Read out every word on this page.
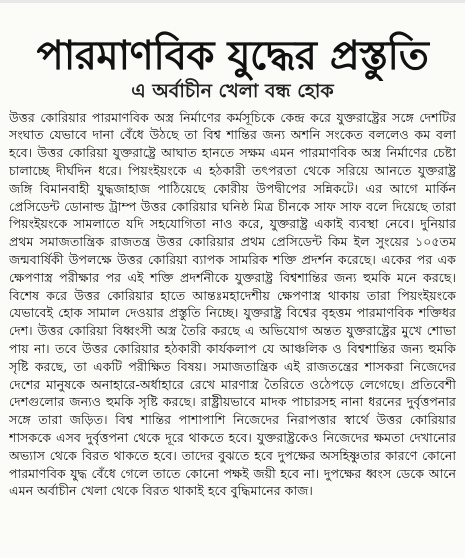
পারমাণবিক যুদ্ধের প্রস্তুতি
এ অর্বাচীন খেলা বন্ধ হোক

উত্তর কোরিয়ার পারমাণবিক অস্ত্র নির্মাণের কর্মসূচিকে কেন্দ্র করে যুক্তরাষ্ট্রের সঙ্গে দেশটির সংঘাত যেভাবে দানা বেঁধে উঠছে তা বিশ্ব শান্তির জন্য অশনি সংকেত বললেও কম বলা হবে। উত্তর কোরিয়া যুক্তরাষ্ট্রে আঘাত হানতে সক্ষম এমন পারমাণবিক অস্ত্র নির্মাণের চেষ্টা চালাচ্ছে দীর্ঘদিন ধরে। পিয়ংইয়ংকে এ হঠকারী তৎপরতা থেকে সরিয়ে আনতে যুক্তরাষ্ট্র জঙ্গি বিমানবাহী যুদ্ধজাহাজ পাঠিয়েছে কোরীয় উপদ্বীপের সন্নিকটে। এর আগে মার্কিন প্রেসিডেন্ট ডোনাল্ড ট্রাম্প উত্তর কোরিয়ার ঘনিষ্ঠ মিত্র চীনকে সাফ সাফ বলে দিয়েছে তারা পিয়ংইয়ংকে সামলাতে যদি সহযোগিতা নাও করে, যুক্তরাষ্ট্র একাই ব্যবস্থা নেবে। দুনিয়ার প্রথম সমাজতান্ত্রিক রাজতন্ত্র উত্তর কোরিয়ার প্রথম প্রেসিডেন্ট কিম ইল সুংয়ের ১০৫তম জন্মবার্ষিকী উপলক্ষে উত্তর কোরিয়া ব্যাপক সামরিক শক্তি প্রদর্শন করেছে। একের পর এক ক্ষেপণাস্ত্র পরীক্ষার পর এই শক্তি প্রদর্শনীকে যুক্তরাষ্ট্র বিশ্বশান্তির জন্য হুমকি মনে করছে। বিশেষ করে উত্তর কোরিয়ার হাতে আন্তঃমহাদেশীয় ক্ষেপণাস্ত্র থাকায় তারা পিয়ংইয়ংকে যেভাবেই হোক সামাল দেওয়ার প্রস্তুতি নিচ্ছে। যুক্তরাষ্ট্র বিশ্বের বৃহত্তম পারমাণবিক শক্তিধর দেশ। উত্তর কোরিয়া বিধ্বংসী অস্ত্র তৈরি করছে এ অভিযোগ অন্তত যুক্তরাষ্ট্রের মুখে শোভা পায় না। তবে উত্তর কোরিয়ার হঠকারী কার্যকলাপ যে আঞ্চলিক ও বিশ্বশান্তির জন্য হুমকি সৃষ্টি করছে, তা একটি পরীক্ষিত বিষয়। সমাজতান্ত্রিক এই রাজতন্ত্রের শাসকরা নিজেদের দেশের মানুষকে অনাহারে-অর্ধাহারে রেখে মারণাস্ত্র তৈরিতে ওঠেপড়ে লেগেছে। প্রতিবেশী দেশগুলোর জন্যও হুমকি সৃষ্টি করছে। রাষ্ট্রীয়ভাবে মাদক পাচারসহ নানা ধরনের দুর্বৃত্তপনার সঙ্গে তারা জড়িত। বিশ্ব শান্তির পাশাপাশি নিজেদের নিরাপত্তার স্বার্থে উত্তর কোরিয়ার শাসককে এসব দুর্বৃত্তপনা থেকে দূরে থাকতে হবে। যুক্তরাষ্ট্রকেও নিজেদের ক্ষমতা দেখানোর অভ্যাস থেকে বিরত থাকতে হবে। তাদের বুঝতে হবে দুপক্ষের অসহিষ্ণুতার কারণে কোনো পারমাণবিক যুদ্ধ বেঁধে গেলে তাতে কোনো পক্ষই জয়ী হবে না। দুপক্ষের ধ্বংস ডেকে আনে এমন অর্বাচীন খেলা থেকে বিরত থাকাই হবে বুদ্ধিমানের কাজ।
